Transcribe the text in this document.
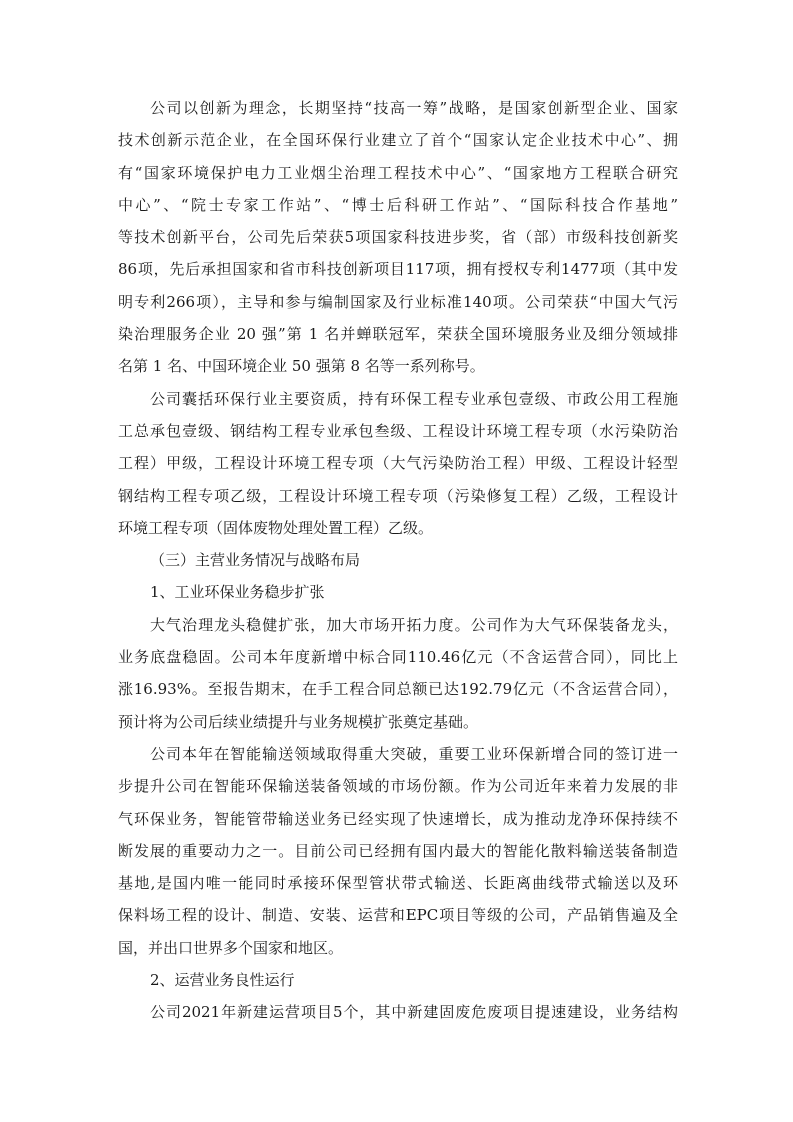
公司以创新为理念，长期坚持“技高一筹”战略，是国家创新型企业、国家
技术创新示范企业，在全国环保行业建立了首个“国家认定企业技术中心”、拥
有“国家环境保护电力工业烟尘治理工程技术中心”、“国家地方工程联合研究
中心”、“院士专家工作站”、“博士后科研工作站”、“国际科技合作基地”
等技术创新平台，公司先后荣获5项国家科技进步奖，省（部）市级科技创新奖
86项，先后承担国家和省市科技创新项目117项，拥有授权专利1477项（其中发
明专利266项），主导和参与编制国家及行业标准140项。公司荣获“中国大气污
染治理服务企业 20 强”第 1 名并蝉联冠军，荣获全国环境服务业及细分领域排
名第 1 名、中国环境企业 50 强第 8 名等一系列称号。
公司囊括环保行业主要资质，持有环保工程专业承包壹级、市政公用工程施
工总承包壹级、钢结构工程专业承包叁级、工程设计环境工程专项（水污染防治
工程）甲级，工程设计环境工程专项（大气污染防治工程）甲级、工程设计轻型
钢结构工程专项乙级，工程设计环境工程专项（污染修复工程）乙级，工程设计
环境工程专项（固体废物处理处置工程）乙级。
（三）主营业务情况与战略布局
1、工业环保业务稳步扩张
大气治理龙头稳健扩张，加大市场开拓力度。公司作为大气环保装备龙头，
业务底盘稳固。公司本年度新增中标合同110.46亿元（不含运营合同），同比上
涨16.93%。至报告期末，在手工程合同总额已达192.79亿元（不含运营合同），
预计将为公司后续业绩提升与业务规模扩张奠定基础。
公司本年在智能输送领域取得重大突破，重要工业环保新增合同的签订进一
步提升公司在智能环保输送装备领域的市场份额。作为公司近年来着力发展的非
气环保业务，智能管带输送业务已经实现了快速增长，成为推动龙净环保持续不
断发展的重要动力之一。目前公司已经拥有国内最大的智能化散料输送装备制造
基地,是国内唯一能同时承接环保型管状带式输送、长距离曲线带式输送以及环
保料场工程的设计、制造、安装、运营和EPC项目等级的公司，产品销售遍及全
国，并出口世界多个国家和地区。
2、运营业务良性运行
公司2021年新建运营项目5个，其中新建固废危废项目提速建设，业务结构
